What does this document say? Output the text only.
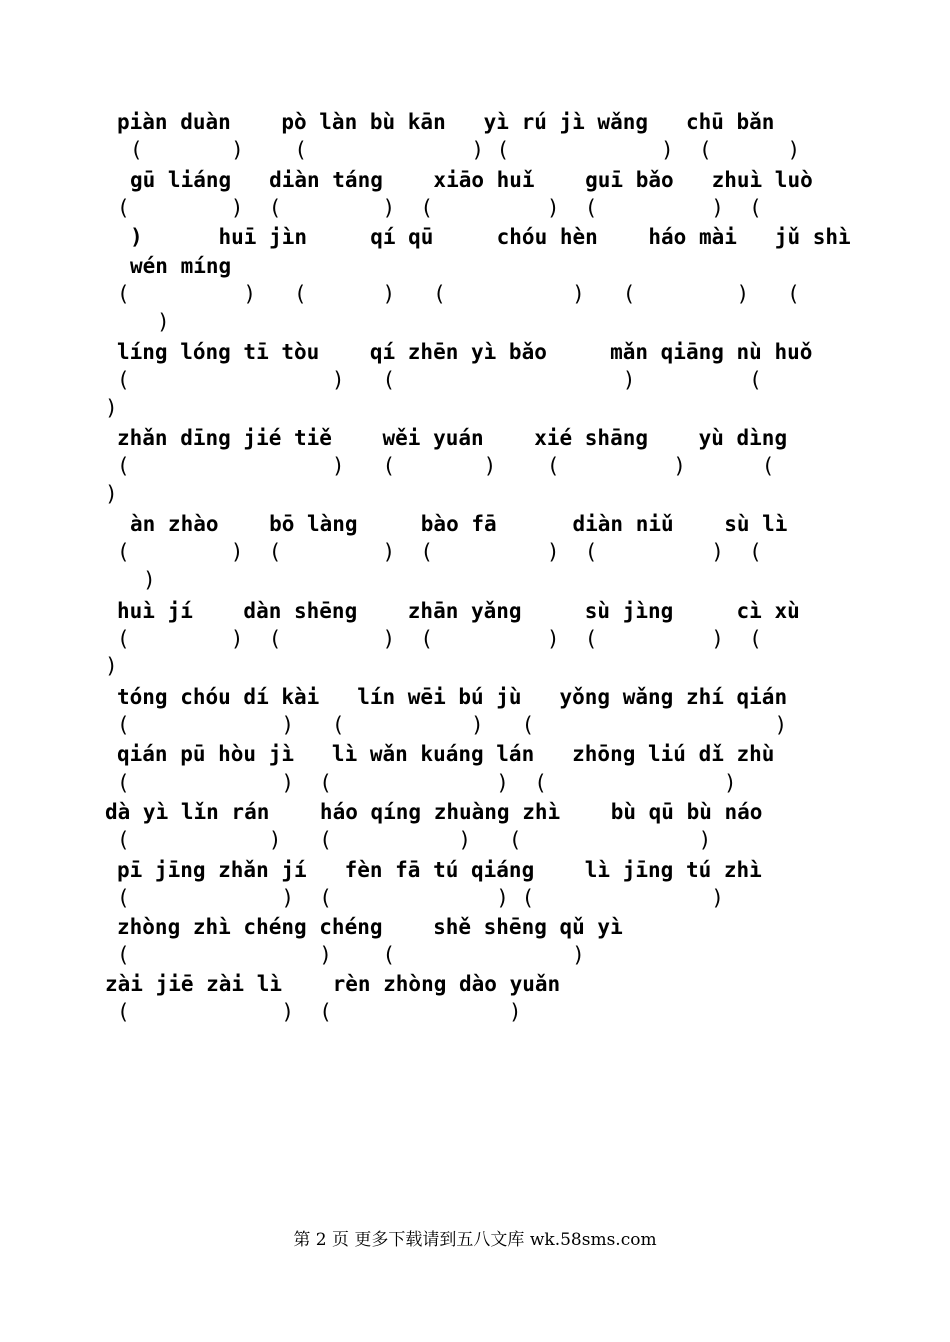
piàn duàn    pò làn bù kān   yì rú jì wǎng   chū bǎn
(       )    (             ) (            )  (      )
gū liáng   diàn táng    xiāo huǐ    guī bǎo   zhuì luò
(        )  (        )  (         )  (         )  (
)      huī jìn     qí qū     chóu hèn    háo mài   jǔ shì
wén míng
(         )   (      )   (          )   (        )   (
)
líng lóng tī tòu    qí zhēn yì bǎo     mǎn qiāng nù huǒ
(                )   (                  )         (
)
zhǎn dīng jié tiě    wěi yuán    xié shāng    yù dìng
(                )   (       )    (         )      (
)
àn zhào    bō làng     bào fā      diàn niǔ    sù lì
(        )  (        )  (         )  (         )  (
)
huì jí    dàn shēng    zhān yǎng     sù jìng     cì xù
(        )  (        )  (         )  (         )  (
)
tóng chóu dí kài   lín wēi bú jù   yǒng wǎng zhí qián
(            )   (          )   (                   )
qián pū hòu jì   lì wǎn kuáng lán   zhōng liú dǐ zhù
(            )  (             )  (              )
dà yì lǐn rán    háo qíng zhuàng zhì    bù qū bù náo
(           )   (          )   (              )
pī jīng zhǎn jí   fèn fā tú qiáng    lì jīng tú zhì
(            )  (             ) (              )
zhòng zhì chéng chéng    shě shēng qǔ yì
(               )    (              )
zài jiē zài lì    rèn zhòng dào yuǎn
(            )  (              )
第 2 页 更多下载请到五八文库 wk.58sms.com
